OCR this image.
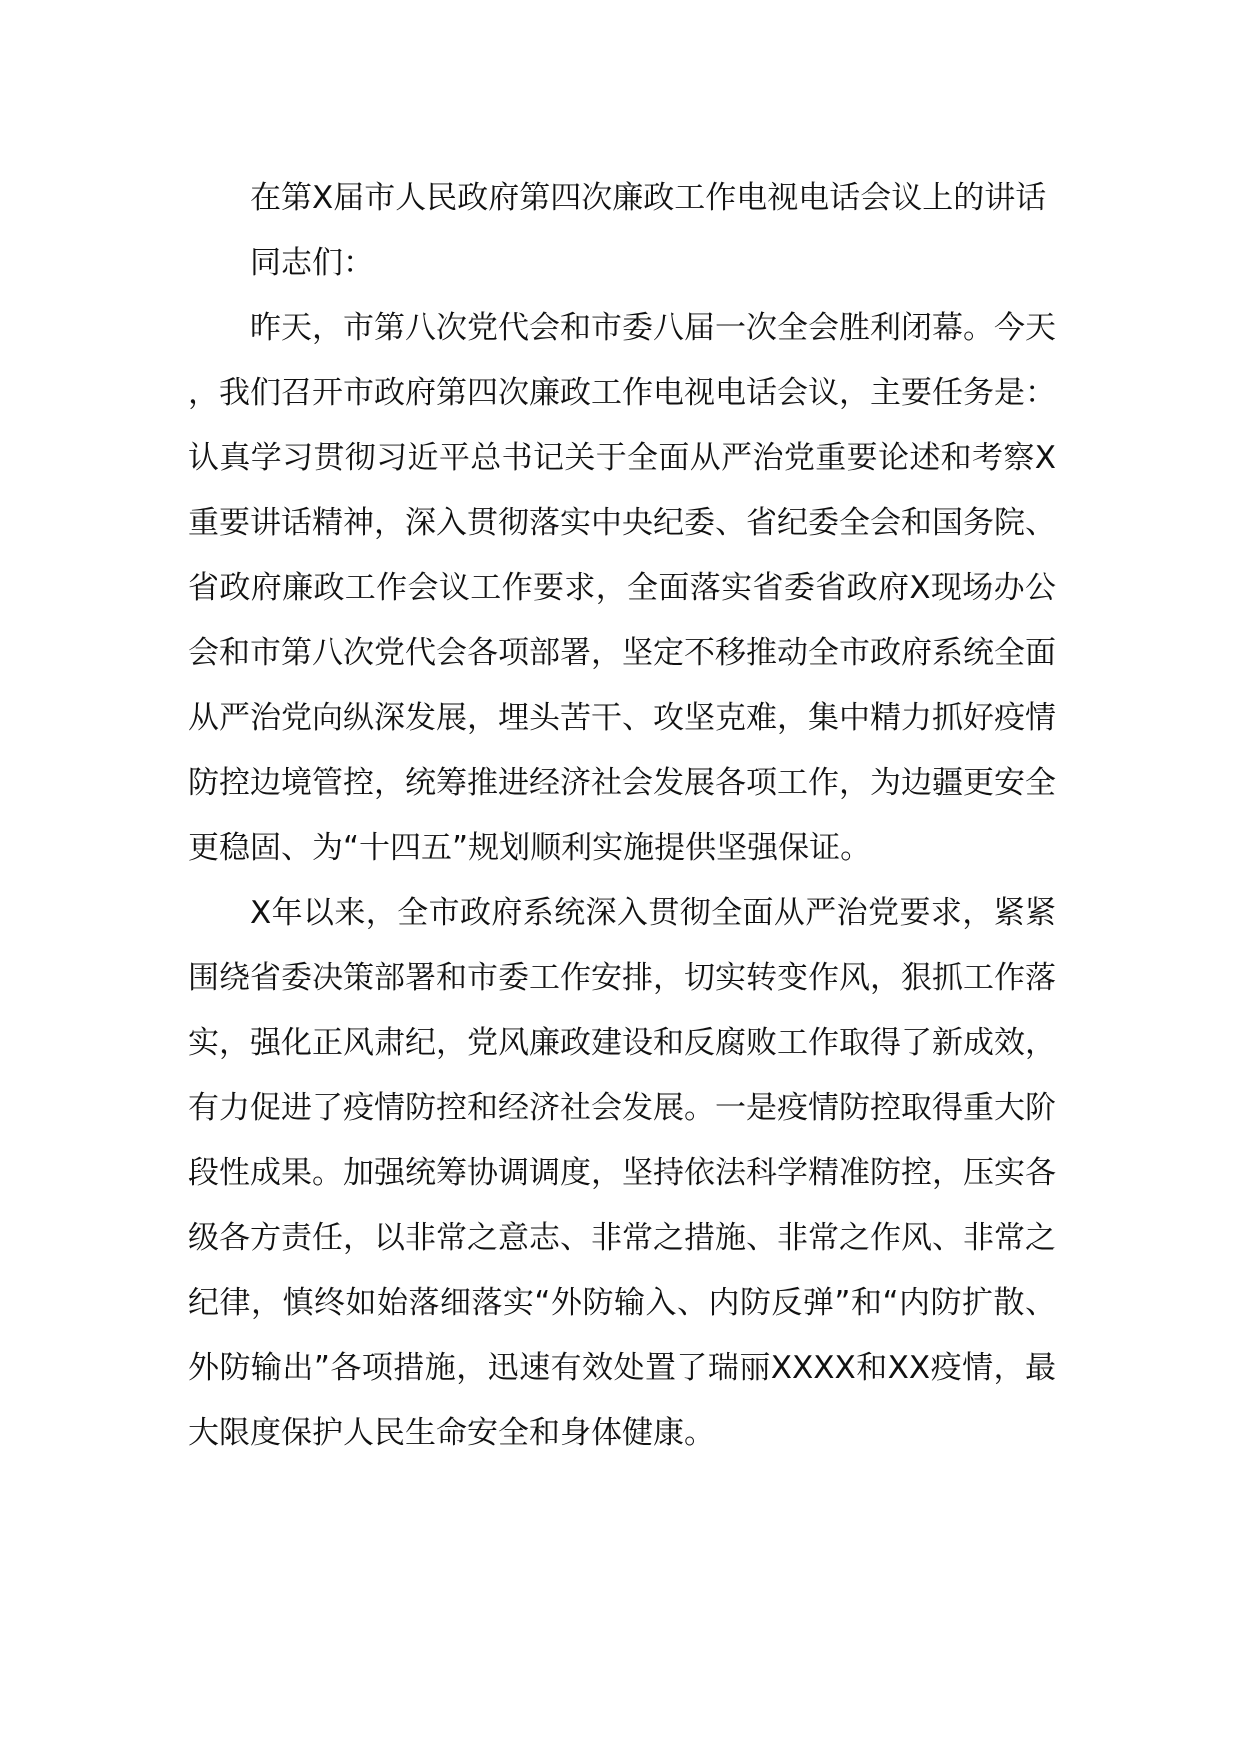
在第X届市人民政府第四次廉政工作电视电话会议上的讲话

同志们：

昨天，市第八次党代会和市委八届一次全会胜利闭幕。今天，我们召开市政府第四次廉政工作电视电话会议，主要任务是：认真学习贯彻习近平总书记关于全面从严治党重要论述和考察X重要讲话精神，深入贯彻落实中央纪委、省纪委全会和国务院、省政府廉政工作会议工作要求，全面落实省委省政府X现场办公会和市第八次党代会各项部署，坚定不移推动全市政府系统全面从严治党向纵深发展，埋头苦干、攻坚克难，集中精力抓好疫情防控边境管控，统筹推进经济社会发展各项工作，为边疆更安全更稳固、为“十四五”规划顺利实施提供坚强保证。

X年以来，全市政府系统深入贯彻全面从严治党要求，紧紧围绕省委决策部署和市委工作安排，切实转变作风，狠抓工作落实，强化正风肃纪，党风廉政建设和反腐败工作取得了新成效，有力促进了疫情防控和经济社会发展。一是疫情防控取得重大阶段性成果。加强统筹协调调度，坚持依法科学精准防控，压实各级各方责任，以非常之意志、非常之措施、非常之作风、非常之纪律，慎终如始落细落实“外防输入、内防反弹”和“内防扩散、外防输出”各项措施，迅速有效处置了瑞丽XXXX和XX疫情，最大限度保护人民生命安全和身体健康。
